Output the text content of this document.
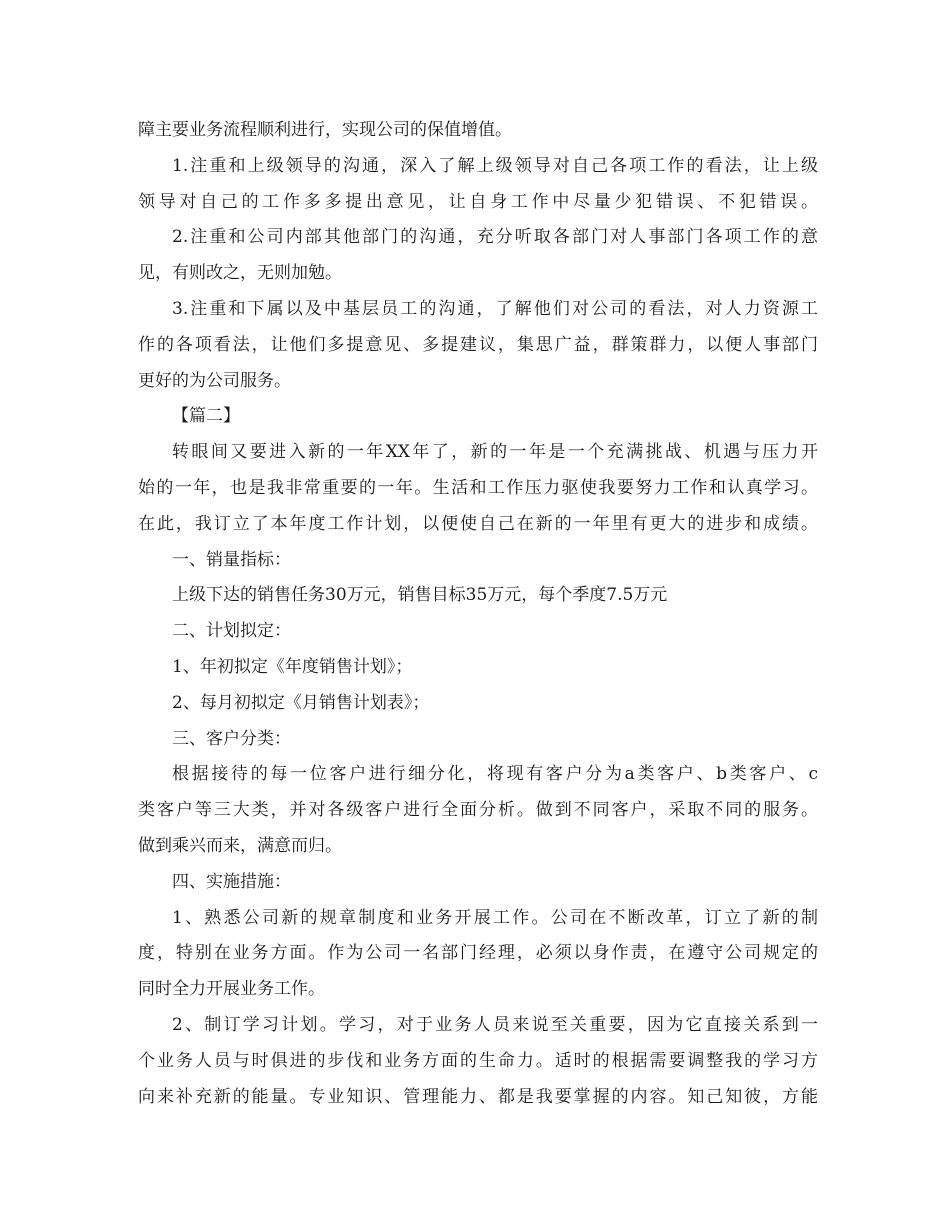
障主要业务流程顺利进行，实现公司的保值增值。
1.注重和上级领导的沟通，深入了解上级领导对自己各项工作的看法，让上级
领导对自己的工作多多提出意见，让自身工作中尽量少犯错误、不犯错误。
2.注重和公司内部其他部门的沟通，充分听取各部门对人事部门各项工作的意
见，有则改之，无则加勉。
3.注重和下属以及中基层员工的沟通，了解他们对公司的看法，对人力资源工
作的各项看法，让他们多提意见、多提建议，集思广益，群策群力，以便人事部门
更好的为公司服务。
【篇二】
转眼间又要进入新的一年XX年了，新的一年是一个充满挑战、机遇与压力开
始的一年，也是我非常重要的一年。生活和工作压力驱使我要努力工作和认真学习。
在此，我订立了本年度工作计划，以便使自己在新的一年里有更大的进步和成绩。
一、销量指标：
上级下达的销售任务30万元，销售目标35万元，每个季度7.5万元
二、计划拟定：
1、年初拟定《年度销售计划》；
2、每月初拟定《月销售计划表》；
三、客户分类：
根据接待的每一位客户进行细分化，将现有客户分为a类客户、b类客户、c
类客户等三大类，并对各级客户进行全面分析。做到不同客户，采取不同的服务。
做到乘兴而来，满意而归。
四、实施措施：
1、熟悉公司新的规章制度和业务开展工作。公司在不断改革，订立了新的制
度，特别在业务方面。作为公司一名部门经理，必须以身作责，在遵守公司规定的
同时全力开展业务工作。
2、制订学习计划。学习，对于业务人员来说至关重要，因为它直接关系到一
个业务人员与时俱进的步伐和业务方面的生命力。适时的根据需要调整我的学习方
向来补充新的能量。专业知识、管理能力、都是我要掌握的内容。知己知彼，方能
